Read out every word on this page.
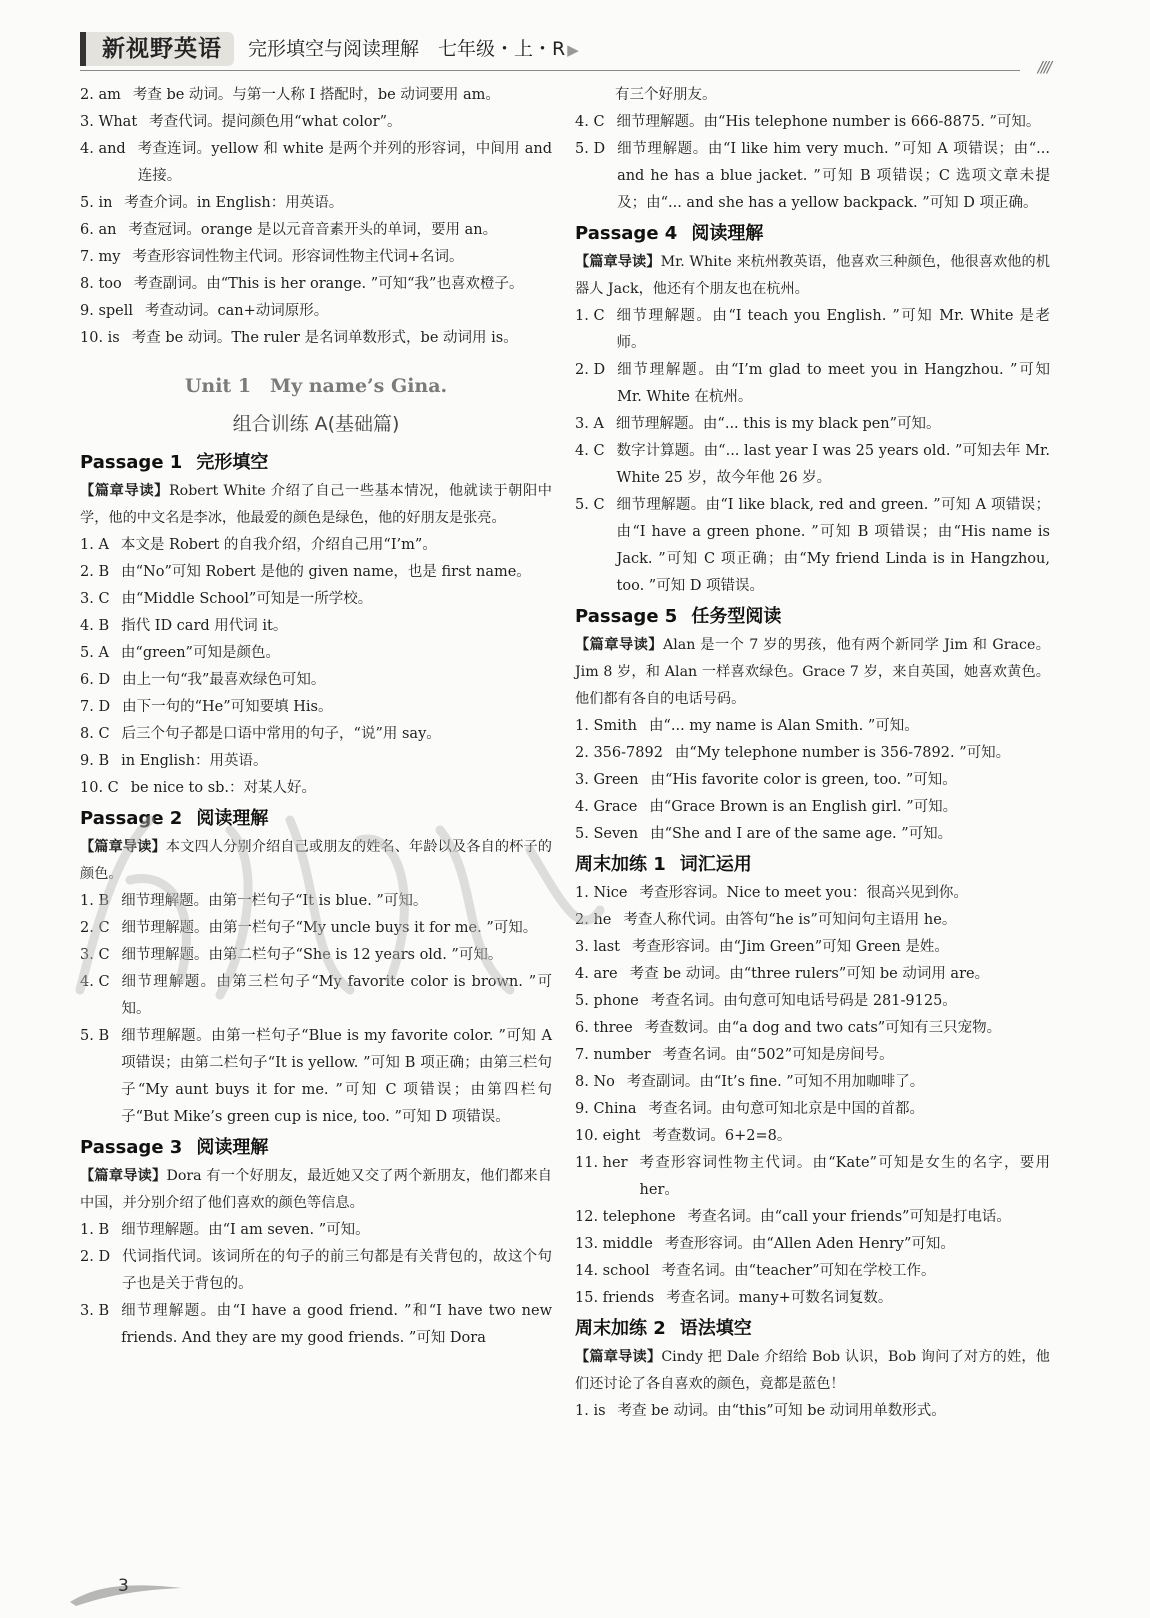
新视野英语	完形填空与阅读理解　七年级・上・R ▶
////
2. am 考查 be 动词。与第一人称 I 搭配时，be 动词要用 am。
3. What 考查代词。提问颜色用“what color”。
4. and 考查连词。yellow 和 white 是两个并列的形容词，中间用 and 连接。
5. in 考查介词。in English：用英语。
6. an 考查冠词。orange 是以元音音素开头的单词，要用 an。
7. my 考查形容词性物主代词。形容词性物主代词+名词。
8. too 考查副词。由“This is her orange. ”可知“我”也喜欢橙子。
9. spell 考查动词。can+动词原形。
10. is 考查 be 动词。The ruler 是名词单数形式，be 动词用 is。
Unit 1　My name’s Gina.
组合训练 A(基础篇)
Passage 1 完形填空
【篇章导读】Robert White 介绍了自己一些基本情况，他就读于朝阳中学，他的中文名是李冰，他最爱的颜色是绿色，他的好朋友是张亮。
1. A 本文是 Robert 的自我介绍，介绍自己用“I’m”。
2. B 由“No”可知 Robert 是他的 given name，也是 first name。
3. C 由“Middle School”可知是一所学校。
4. B 指代 ID card 用代词 it。
5. A 由“green”可知是颜色。
6. D 由上一句“我”最喜欢绿色可知。
7. D 由下一句的“He”可知要填 His。
8. C 后三个句子都是口语中常用的句子，“说”用 say。
9. B in English：用英语。
10. C be nice to sb.：对某人好。
Passage 2 阅读理解
【篇章导读】本文四人分别介绍自己或朋友的姓名、年龄以及各自的杯子的颜色。
1. B 细节理解题。由第一栏句子“It is blue. ”可知。
2. C 细节理解题。由第一栏句子“My uncle buys it for me. ”可知。
3. C 细节理解题。由第二栏句子“She is 12 years old. ”可知。
4. C 细节理解题。由第三栏句子“My favorite color is brown. ”可知。
5. B 细节理解题。由第一栏句子“Blue is my favorite color. ”可知 A 项错误；由第二栏句子“It is yellow. ”可知 B 项正确；由第三栏句子“My aunt buys it for me. ”可知 C 项错误；由第四栏句子“But Mike’s green cup is nice, too. ”可知 D 项错误。
Passage 3 阅读理解
【篇章导读】Dora 有一个好朋友，最近她又交了两个新朋友，他们都来自中国，并分别介绍了他们喜欢的颜色等信息。
1. B 细节理解题。由“I am seven. ”可知。
2. D 代词指代词。该词所在的句子的前三句都是有关背包的，故这个句子也是关于背包的。
3. B 细节理解题。由“I have a good friend. ”和“I have two new friends. And they are my good friends. ”可知 Dora
有三个好朋友。
4. C 细节理解题。由“His telephone number is 666-8875. ”可知。
5. D 细节理解题。由“I like him very much. ”可知 A 项错误；由“... and he has a blue jacket. ”可知 B 项错误；C 选项文章未提及；由“... and she has a yellow backpack. ”可知 D 项正确。
Passage 4 阅读理解
【篇章导读】Mr. White 来杭州教英语，他喜欢三种颜色，他很喜欢他的机器人 Jack，他还有个朋友也在杭州。
1. C 细节理解题。由“I teach you English. ”可知 Mr. White 是老师。
2. D 细节理解题。由“I’m glad to meet you in Hangzhou. ”可知 Mr. White 在杭州。
3. A 细节理解题。由“... this is my black pen”可知。
4. C 数字计算题。由“... last year I was 25 years old. ”可知去年 Mr. White 25 岁，故今年他 26 岁。
5. C 细节理解题。由“I like black, red and green. ”可知 A 项错误；由“I have a green phone. ”可知 B 项错误；由“His name is Jack. ”可知 C 项正确；由“My friend Linda is in Hangzhou, too. ”可知 D 项错误。
Passage 5 任务型阅读
【篇章导读】Alan 是一个 7 岁的男孩，他有两个新同学 Jim 和 Grace。Jim 8 岁，和 Alan 一样喜欢绿色。Grace 7 岁，来自英国，她喜欢黄色。他们都有各自的电话号码。
1. Smith 由“... my name is Alan Smith. ”可知。
2. 356-7892 由“My telephone number is 356-7892. ”可知。
3. Green 由“His favorite color is green, too. ”可知。
4. Grace 由“Grace Brown is an English girl. ”可知。
5. Seven 由“She and I are of the same age. ”可知。
周末加练 1 词汇运用
1. Nice 考查形容词。Nice to meet you：很高兴见到你。
2. he 考查人称代词。由答句“he is”可知问句主语用 he。
3. last 考查形容词。由“Jim Green”可知 Green 是姓。
4. are 考查 be 动词。由“three rulers”可知 be 动词用 are。
5. phone 考查名词。由句意可知电话号码是 281-9125。
6. three 考查数词。由“a dog and two cats”可知有三只宠物。
7. number 考查名词。由“502”可知是房间号。
8. No 考查副词。由“It’s fine. ”可知不用加咖啡了。
9. China 考查名词。由句意可知北京是中国的首都。
10. eight 考查数词。6+2=8。
11. her 考查形容词性物主代词。由“Kate”可知是女生的名字，要用 her。
12. telephone 考查名词。由“call your friends”可知是打电话。
13. middle 考查形容词。由“Allen Aden Henry”可知。
14. school 考查名词。由“teacher”可知在学校工作。
15. friends 考查名词。many+可数名词复数。
周末加练 2 语法填空
【篇章导读】Cindy 把 Dale 介绍给 Bob 认识，Bob 询问了对方的姓，他们还讨论了各自喜欢的颜色，竟都是蓝色！
1. is 考查 be 动词。由“this”可知 be 动词用单数形式。
3
